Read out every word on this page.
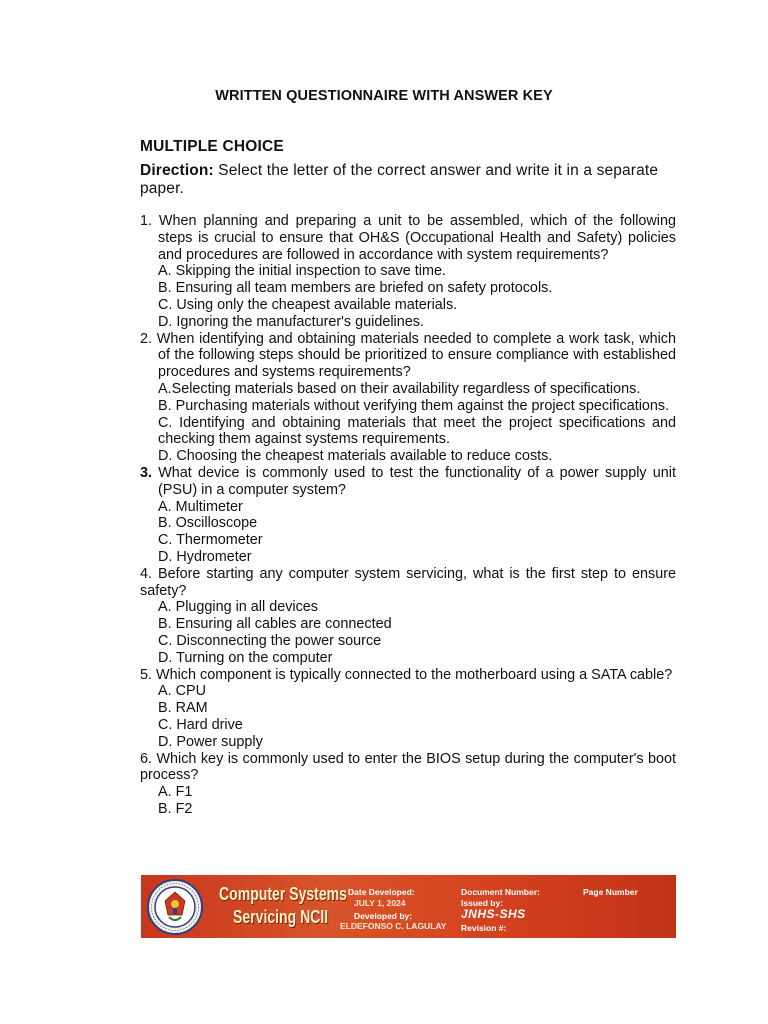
WRITTEN QUESTIONNAIRE WITH ANSWER KEY
MULTIPLE CHOICE
Direction: Select the letter of the correct answer and write it in a separate paper.
1. When planning and preparing a unit to be assembled, which of the following steps is crucial to ensure that OH&S (Occupational Health and Safety) policies and procedures are followed in accordance with system requirements?
A. Skipping the initial inspection to save time.
B. Ensuring all team members are briefed on safety protocols.
C. Using only the cheapest available materials.
D. Ignoring the manufacturer's guidelines.
2. When identifying and obtaining materials needed to complete a work task, which of the following steps should be prioritized to ensure compliance with established procedures and systems requirements?
A.Selecting materials based on their availability regardless of specifications.
B. Purchasing materials without verifying them against the project specifications.
C. Identifying and obtaining materials that meet the project specifications and checking them against systems requirements.
D. Choosing the cheapest materials available to reduce costs.
3. What device is commonly used to test the functionality of a power supply unit (PSU) in a computer system?
A. Multimeter
B. Oscilloscope
C. Thermometer
D. Hydrometer
4. Before starting any computer system servicing, what is the first step to ensure safety?
A. Plugging in all devices
B. Ensuring all cables are connected
C. Disconnecting the power source
D. Turning on the computer
5. Which component is typically connected to the motherboard using a SATA cable?
A. CPU
B. RAM
C. Hard drive
D. Power supply
6. Which key is commonly used to enter the BIOS setup during the computer's boot process?
A. F1
B. F2
Computer Systems
Servicing NCII
Date Developed:
JULY 1, 2024
Developed by:
ELDEFONSO C. LAGULAY
Document Number:
Issued by:
JNHS-SHS
Revision #:
Page Number
